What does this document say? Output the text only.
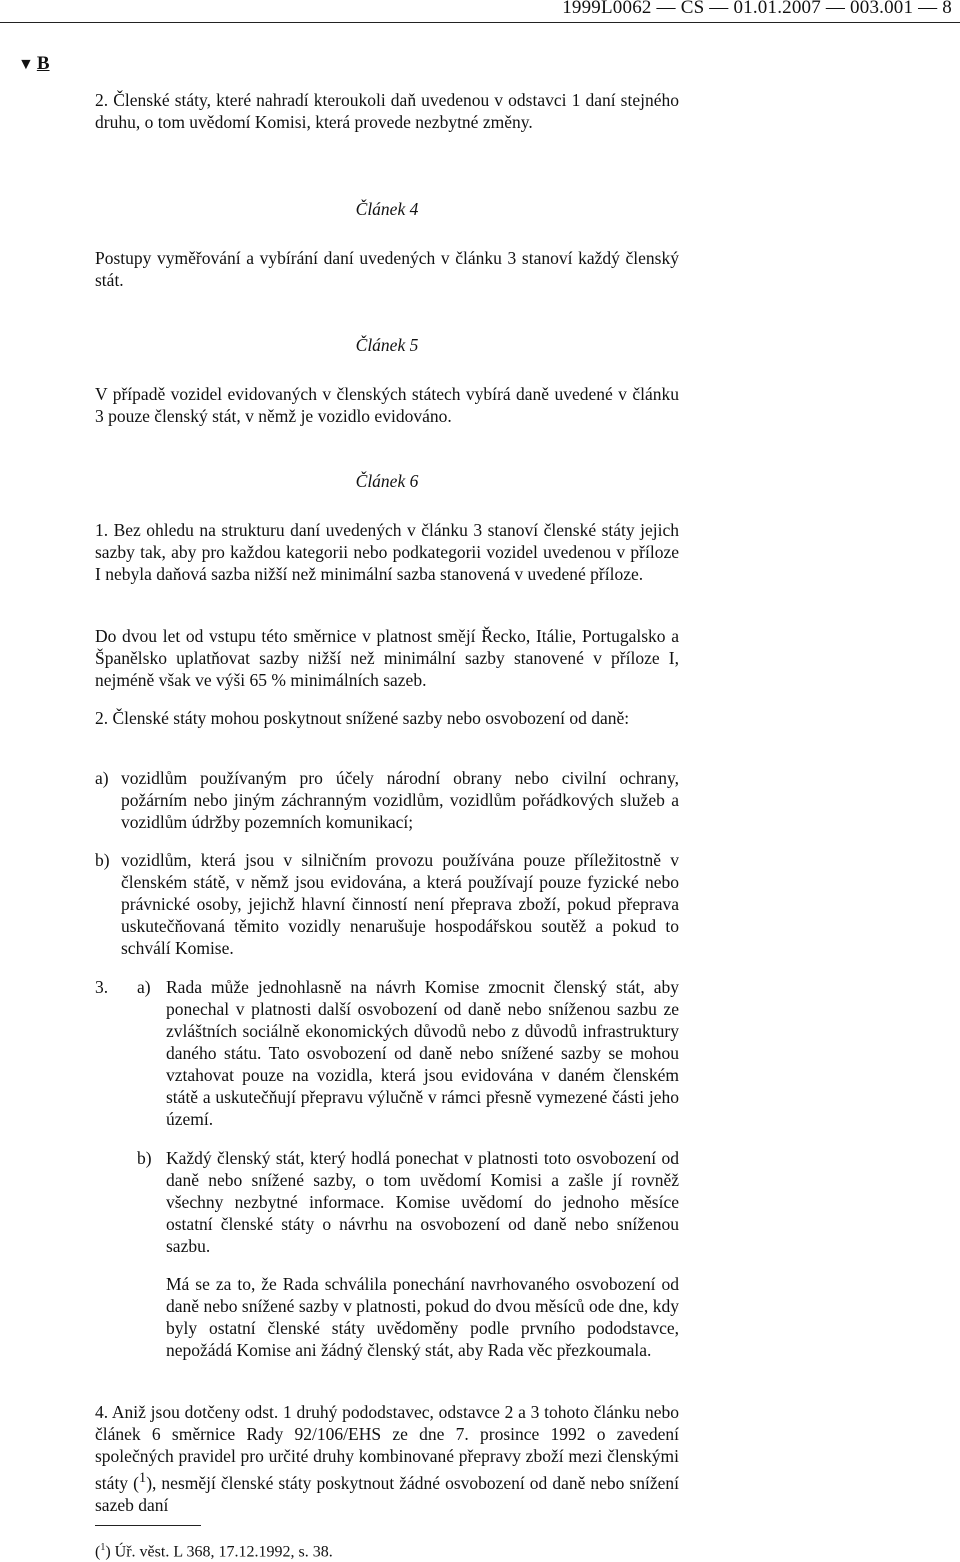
1999L0062 — CS — 01.01.2007 — 003.001 — 8
▼ B

2. Členské státy, které nahradí kteroukoli daň uvedenou v odstavci 1 daní stejného druhu, o tom uvědomí Komisi, která provede nezbytné změny.

Článek 4

Postupy vyměřování a vybírání daní uvedených v článku 3 stanoví každý členský stát.

Článek 5

V případě vozidel evidovaných v členských státech vybírá daně uvedené v článku 3 pouze členský stát, v němž je vozidlo evidováno.

Článek 6

1. Bez ohledu na strukturu daní uvedených v článku 3 stanoví členské státy jejich sazby tak, aby pro každou kategorii nebo podkategorii vozidel uvedenou v příloze I nebyla daňová sazba nižší než minimální sazba stanovená v uvedené příloze.

Do dvou let od vstupu této směrnice v platnost smějí Řecko, Itálie, Portugalsko a Španělsko uplatňovat sazby nižší než minimální sazby stanovené v příloze I, nejméně však ve výši 65 % minimálních sazeb.

2. Členské státy mohou poskytnout snížené sazby nebo osvobození od daně:

a) vozidlům používaným pro účely národní obrany nebo civilní ochrany, požárním nebo jiným záchranným vozidlům, vozidlům pořádkových služeb a vozidlům údržby pozemních komunikací;
b) vozidlům, která jsou v silničním provozu používána pouze příležitostně v členském státě, v němž jsou evidována, a která používají pouze fyzické nebo právnické osoby, jejichž hlavní činností není přeprava zboží, pokud přeprava uskutečňovaná těmito vozidly nenarušuje hospodářskou soutěž a pokud to schválí Komise.
3. a) Rada může jednohlasně na návrh Komise zmocnit členský stát, aby ponechal v platnosti další osvobození od daně nebo sníženou sazbu ze zvláštních sociálně ekonomických důvodů nebo z důvodů infrastruktury daného státu. Tato osvobození od daně nebo snížené sazby se mohou vztahovat pouze na vozidla, která jsou evidována v daném členském státě a uskutečňují přepravu výlučně v rámci přesně vymezené části jeho území.
b) Každý členský stát, který hodlá ponechat v platnosti toto osvobození od daně nebo snížené sazby, o tom uvědomí Komisi a zašle jí rovněž všechny nezbytné informace. Komise uvědomí do jednoho měsíce ostatní členské státy o návrhu na osvobození od daně nebo sníženou sazbu.
Má se za to, že Rada schválila ponechání navrhovaného osvobození od daně nebo snížené sazby v platnosti, pokud do dvou měsíců ode dne, kdy byly ostatní členské státy uvědoměny podle prvního pododstavce, nepožádá Komise ani žádný členský stát, aby Rada věc přezkoumala.

4. Aniž jsou dotčeny odst. 1 druhý pododstavec, odstavce 2 a 3 tohoto článku nebo článek 6 směrnice Rady 92/106/EHS ze dne 7. prosince 1992 o zavedení společných pravidel pro určité druhy kombinované přepravy zboží mezi členskými státy ($^1$), nesmějí členské státy poskytnout žádné osvobození od daně nebo snížení sazeb daní

($^1$) Úř. věst. L 368, 17.12.1992, s. 38.
